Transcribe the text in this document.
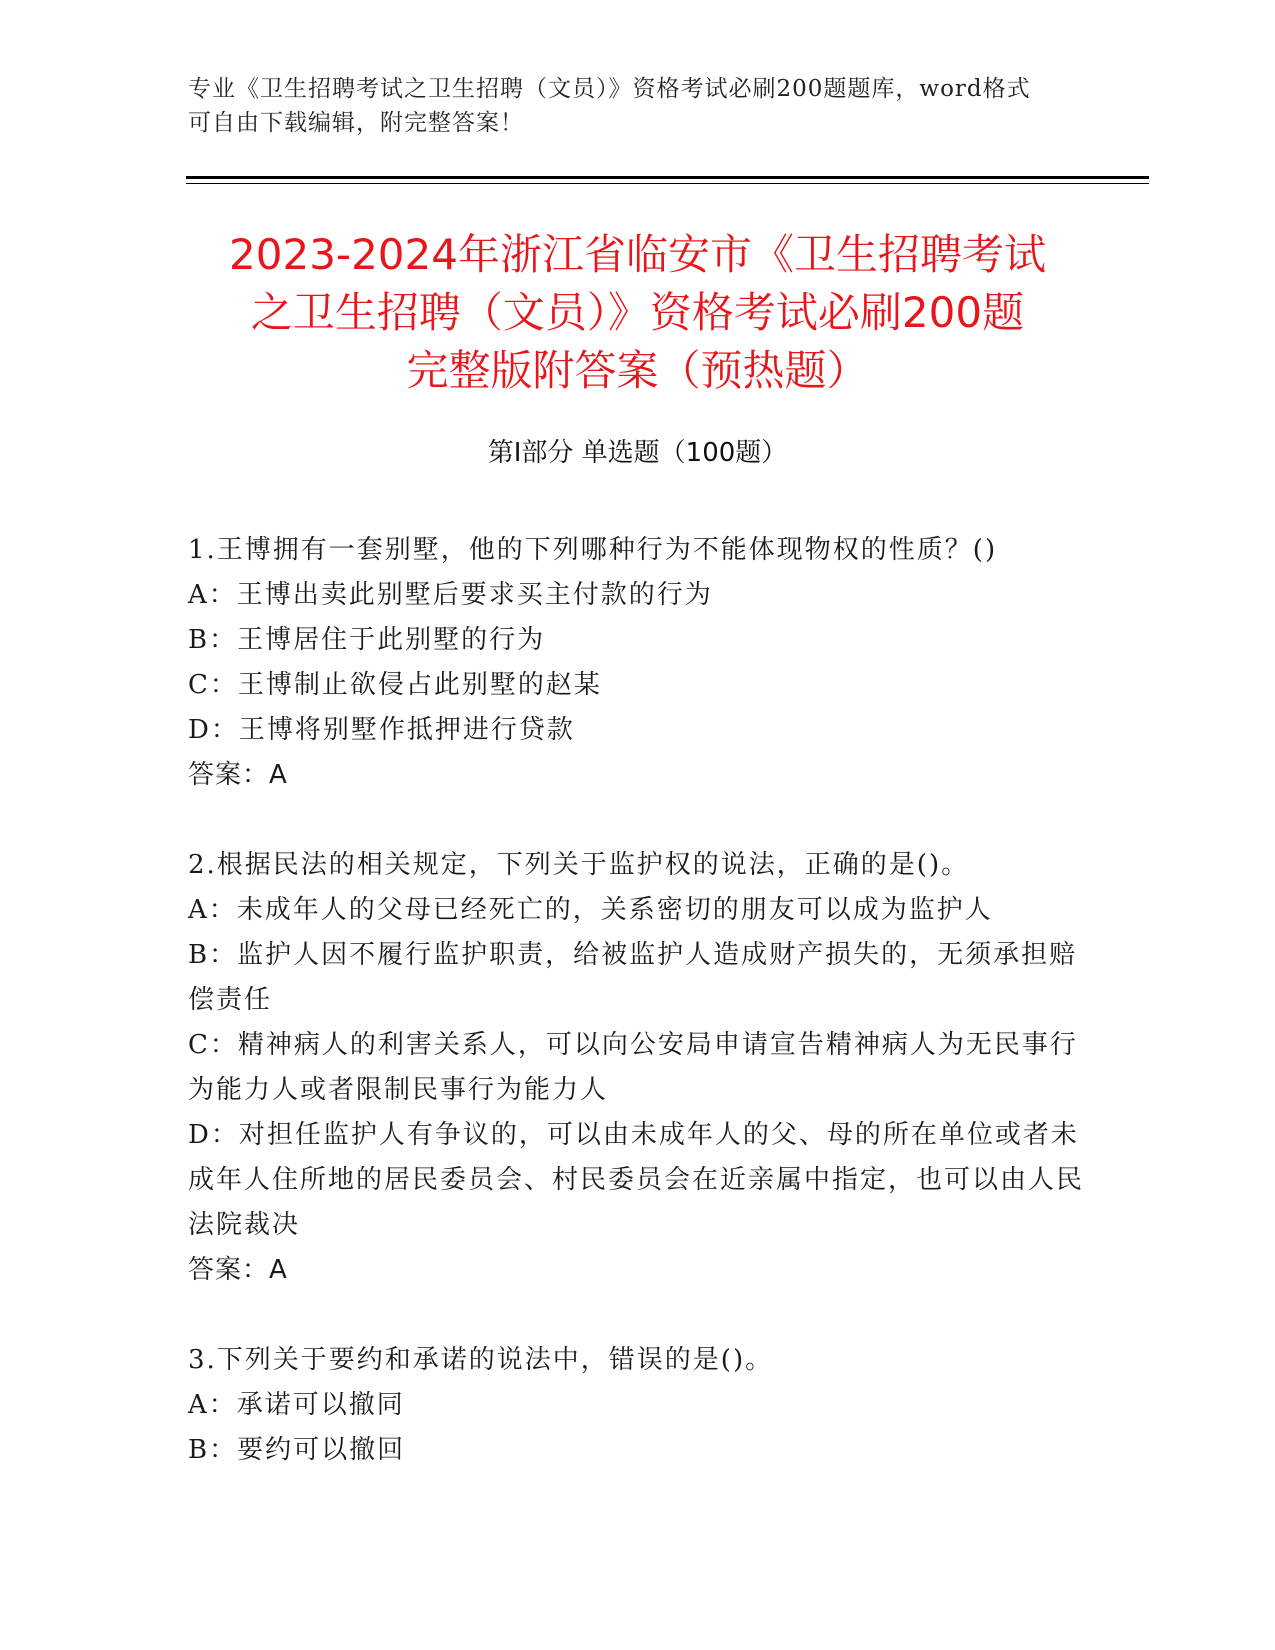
专业《卫生招聘考试之卫生招聘（文员）》资格考试必刷200题题库，word格式
可自由下载编辑，附完整答案！
2023-2024年浙江省临安市《卫生招聘考试
之卫生招聘（文员）》资格考试必刷200题
完整版附答案（预热题）
第Ⅰ部分 单选题（100题）
1.王博拥有一套别墅，他的下列哪种行为不能体现物权的性质？()
A：王博出卖此别墅后要求买主付款的行为
B：王博居住于此别墅的行为
C：王博制止欲侵占此别墅的赵某
D：王博将别墅作抵押进行贷款
答案：A
2.根据民法的相关规定，下列关于监护权的说法，正确的是()。
A：未成年人的父母已经死亡的，关系密切的朋友可以成为监护人
B：监护人因不履行监护职责，给被监护人造成财产损失的，无须承担赔偿责任
C：精神病人的利害关系人，可以向公安局申请宣告精神病人为无民事行为能力人或者限制民事行为能力人
D：对担任监护人有争议的，可以由未成年人的父、母的所在单位或者未成年人住所地的居民委员会、村民委员会在近亲属中指定，也可以由人民法院裁决
答案：A
3.下列关于要约和承诺的说法中，错误的是()。
A：承诺可以撤同
B：要约可以撤回
